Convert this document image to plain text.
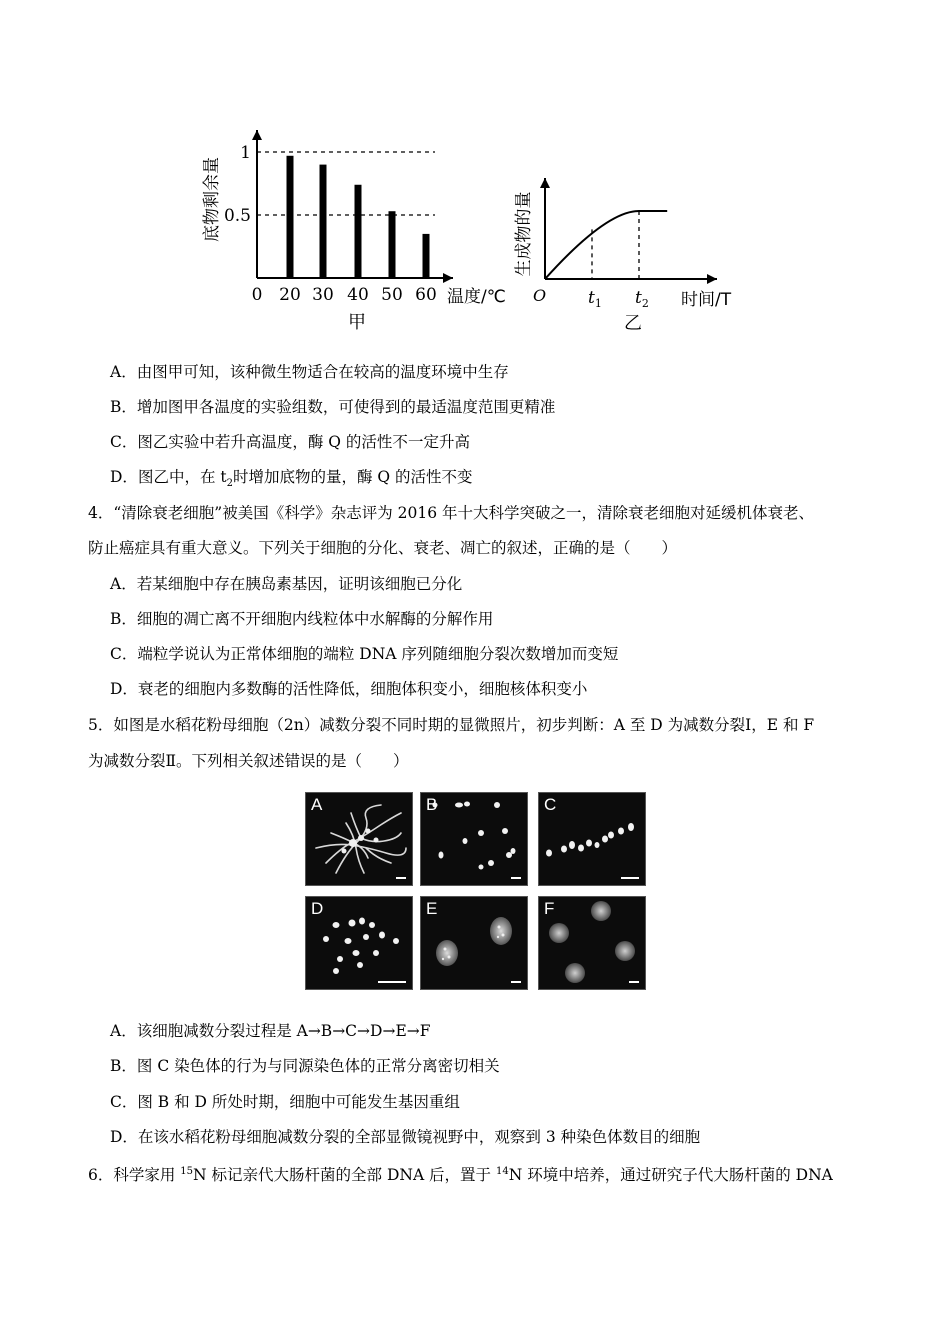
0.5
1
底物剩余量
0 20 30 40 50 60 温度/℃
甲
$t_1$ $t_2$
O	时间/T
生成物的量
乙
A．由图甲可知，该种微生物适合在较高的温度环境中生存
B．增加图甲各温度的实验组数，可使得到的最适温度范围更精准
C．图乙实验中若升高温度，酶 Q 的活性不一定升高
D．图乙中，在 $t_2$时增加底物的量，酶 Q 的活性不变
4．“清除衰老细胞”被美国《科学》杂志评为 2016 年十大科学突破之一，清除衰老细胞对延缓机体衰老、
防止癌症具有重大意义。下列关于细胞的分化、衰老、凋亡的叙述，正确的是（　　）
A．若某细胞中存在胰岛素基因，证明该细胞已分化
B．细胞的凋亡离不开细胞内线粒体中水解酶的分解作用
C．端粒学说认为正常体细胞的端粒 DNA 序列随细胞分裂次数增加而变短
D．衰老的细胞内多数酶的活性降低，细胞体积变小，细胞核体积变小
5．如图是水稻花粉母细胞（2n）减数分裂不同时期的显微照片，初步判断：A 至 D 为减数分裂Ⅰ，E 和 F
为减数分裂Ⅱ。下列相关叙述错误的是（　　）
A	B	C
D	E	F
A．该细胞减数分裂过程是 A→B→C→D→E→F
B．图 C 染色体的行为与同源染色体的正常分离密切相关
C．图 B 和 D 所处时期，细胞中可能发生基因重组
D．在该水稻花粉母细胞减数分裂的全部显微镜视野中，观察到 3 种染色体数目的细胞
6．科学家用 $^{15}$N 标记亲代大肠杆菌的全部 DNA 后，置于 $^{14}$N 环境中培养，通过研究子代大肠杆菌的 DNA
